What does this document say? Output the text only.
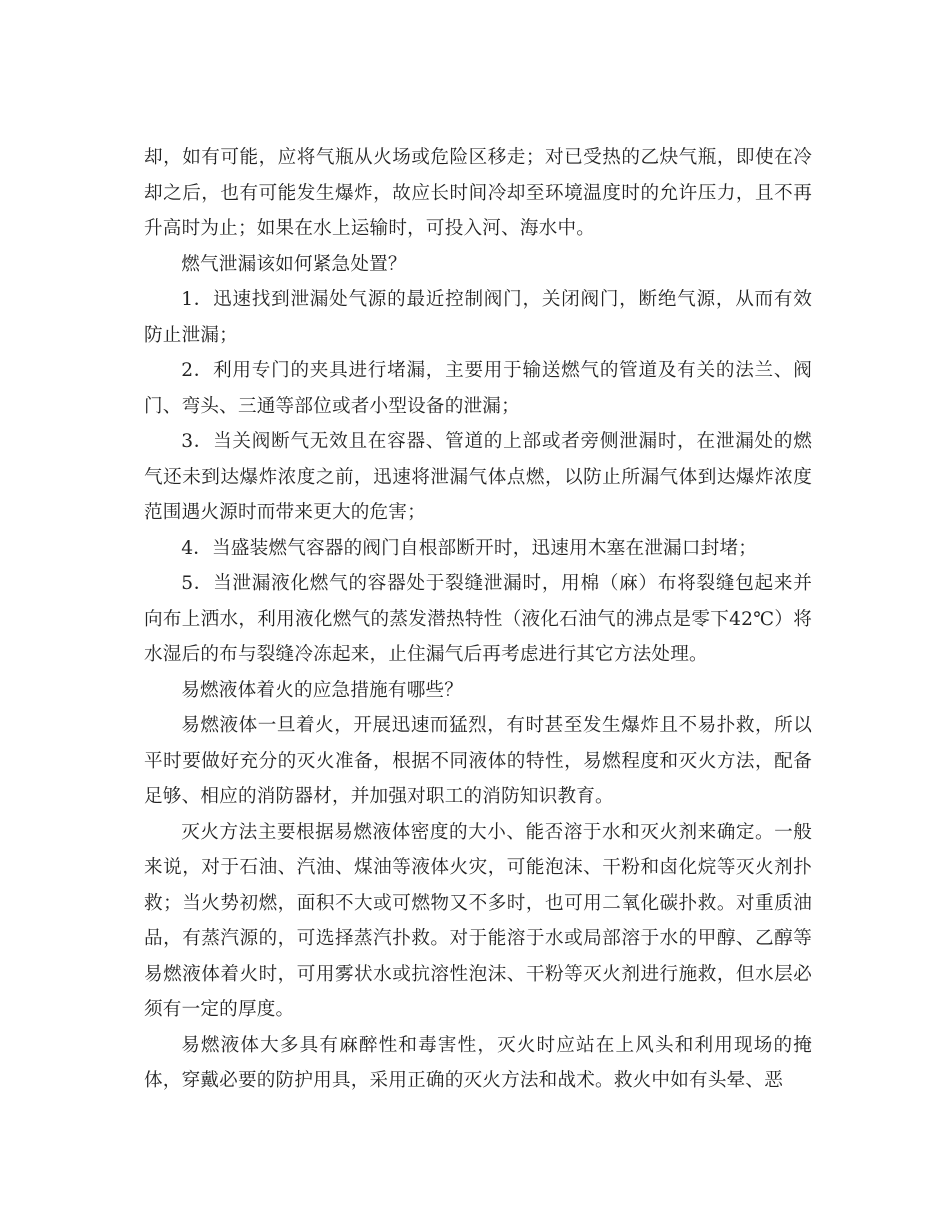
却，如有可能，应将气瓶从火场或危险区移走；对已受热的乙炔气瓶，即使在冷却之后，也有可能发生爆炸，故应长时间冷却至环境温度时的允许压力，且不再升高时为止；如果在水上运输时，可投入河、海水中。

燃气泄漏该如何紧急处置？

1．迅速找到泄漏处气源的最近控制阀门，关闭阀门，断绝气源，从而有效防止泄漏；

2．利用专门的夹具进行堵漏，主要用于输送燃气的管道及有关的法兰、阀门、弯头、三通等部位或者小型设备的泄漏；

3．当关阀断气无效且在容器、管道的上部或者旁侧泄漏时，在泄漏处的燃气还未到达爆炸浓度之前，迅速将泄漏气体点燃，以防止所漏气体到达爆炸浓度范围遇火源时而带来更大的危害；

4．当盛装燃气容器的阀门自根部断开时，迅速用木塞在泄漏口封堵；

5．当泄漏液化燃气的容器处于裂缝泄漏时，用棉（麻）布将裂缝包起来并向布上洒水，利用液化燃气的蒸发潜热特性（液化石油气的沸点是零下42℃）将水湿后的布与裂缝冷冻起来，止住漏气后再考虑进行其它方法处理。

易燃液体着火的应急措施有哪些？

易燃液体一旦着火，开展迅速而猛烈，有时甚至发生爆炸且不易扑救，所以平时要做好充分的灭火准备，根据不同液体的特性，易燃程度和灭火方法，配备足够、相应的消防器材，并加强对职工的消防知识教育。

灭火方法主要根据易燃液体密度的大小、能否溶于水和灭火剂来确定。一般来说，对于石油、汽油、煤油等液体火灾，可能泡沫、干粉和卤化烷等灭火剂扑救；当火势初燃，面积不大或可燃物又不多时，也可用二氧化碳扑救。对重质油品，有蒸汽源的，可选择蒸汽扑救。对于能溶于水或局部溶于水的甲醇、乙醇等易燃液体着火时，可用雾状水或抗溶性泡沫、干粉等灭火剂进行施救，但水层必须有一定的厚度。

易燃液体大多具有麻醉性和毒害性，灭火时应站在上风头和利用现场的掩体，穿戴必要的防护用具，采用正确的灭火方法和战术。救火中如有头晕、恶
